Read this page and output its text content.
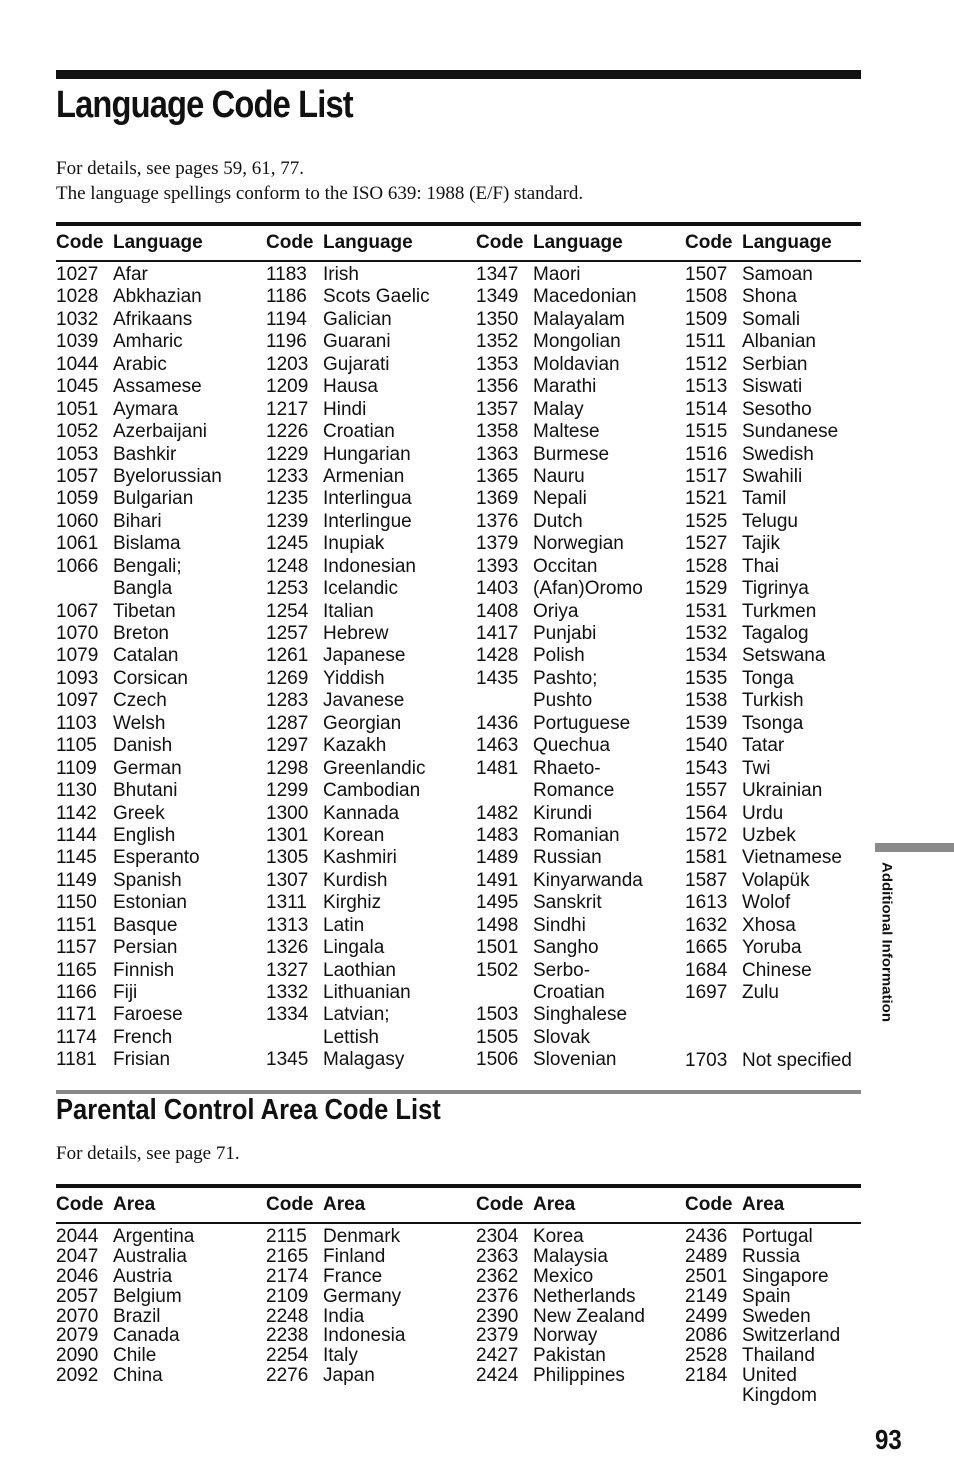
Language Code List
For details, see pages 59, 61, 77.
The language spellings conform to the ISO 639: 1988 (E/F) standard.
Code Language	Code Language	Code Language	Code Language
1027 Afar
1028 Abkhazian
1032 Afrikaans
1039 Amharic
1044 Arabic
1045 Assamese
1051 Aymara
1052 Azerbaijani
1053 Bashkir
1057 Byelorussian
1059 Bulgarian
1060 Bihari
1061 Bislama
1066 Bengali;
Bangla
1067 Tibetan
1070 Breton
1079 Catalan
1093 Corsican
1097 Czech
1103 Welsh
1105 Danish
1109 German
1130 Bhutani
1142 Greek
1144 English
1145 Esperanto
1149 Spanish
1150 Estonian
1151 Basque
1157 Persian
1165 Finnish
1166 Fiji
1171 Faroese
1174 French
1181 Frisian
1183 Irish
1186 Scots Gaelic
1194 Galician
1196 Guarani
1203 Gujarati
1209 Hausa
1217 Hindi
1226 Croatian
1229 Hungarian
1233 Armenian
1235 Interlingua
1239 Interlingue
1245 Inupiak
1248 Indonesian
1253 Icelandic
1254 Italian
1257 Hebrew
1261 Japanese
1269 Yiddish
1283 Javanese
1287 Georgian
1297 Kazakh
1298 Greenlandic
1299 Cambodian
1300 Kannada
1301 Korean
1305 Kashmiri
1307 Kurdish
1311 Kirghiz
1313 Latin
1326 Lingala
1327 Laothian
1332 Lithuanian
1334 Latvian;
Lettish
1345 Malagasy
1347 Maori
1349 Macedonian
1350 Malayalam
1352 Mongolian
1353 Moldavian
1356 Marathi
1357 Malay
1358 Maltese
1363 Burmese
1365 Nauru
1369 Nepali
1376 Dutch
1379 Norwegian
1393 Occitan
1403 (Afan)Oromo
1408 Oriya
1417 Punjabi
1428 Polish
1435 Pashto;
Pushto
1436 Portuguese
1463 Quechua
1481 Rhaeto-
Romance
1482 Kirundi
1483 Romanian
1489 Russian
1491 Kinyarwanda
1495 Sanskrit
1498 Sindhi
1501 Sangho
1502 Serbo-
Croatian
1503 Singhalese
1505 Slovak
1506 Slovenian
1507 Samoan
1508 Shona
1509 Somali
1511 Albanian
1512 Serbian
1513 Siswati
1514 Sesotho
1515 Sundanese
1516 Swedish
1517 Swahili
1521 Tamil
1525 Telugu
1527 Tajik
1528 Thai
1529 Tigrinya
1531 Turkmen
1532 Tagalog
1534 Setswana
1535 Tonga
1538 Turkish
1539 Tsonga
1540 Tatar
1543 Twi
1557 Ukrainian
1564 Urdu
1572 Uzbek
1581 Vietnamese
1587 Volapük
1613 Wolof
1632 Xhosa
1665 Yoruba
1684 Chinese
1697 Zulu
1703 Not specified
Parental Control Area Code List
For details, see page 71.
Code Area	Code Area	Code Area	Code Area
2044 Argentina
2047 Australia
2046 Austria
2057 Belgium
2070 Brazil
2079 Canada
2090 Chile
2092 China
2115 Denmark
2165 Finland
2174 France
2109 Germany
2248 India
2238 Indonesia
2254 Italy
2276 Japan
2304 Korea
2363 Malaysia
2362 Mexico
2376 Netherlands
2390 New Zealand
2379 Norway
2427 Pakistan
2424 Philippines
2436 Portugal
2489 Russia
2501 Singapore
2149 Spain
2499 Sweden
2086 Switzerland
2528 Thailand
2184 United
Kingdom
Additional Information
93
